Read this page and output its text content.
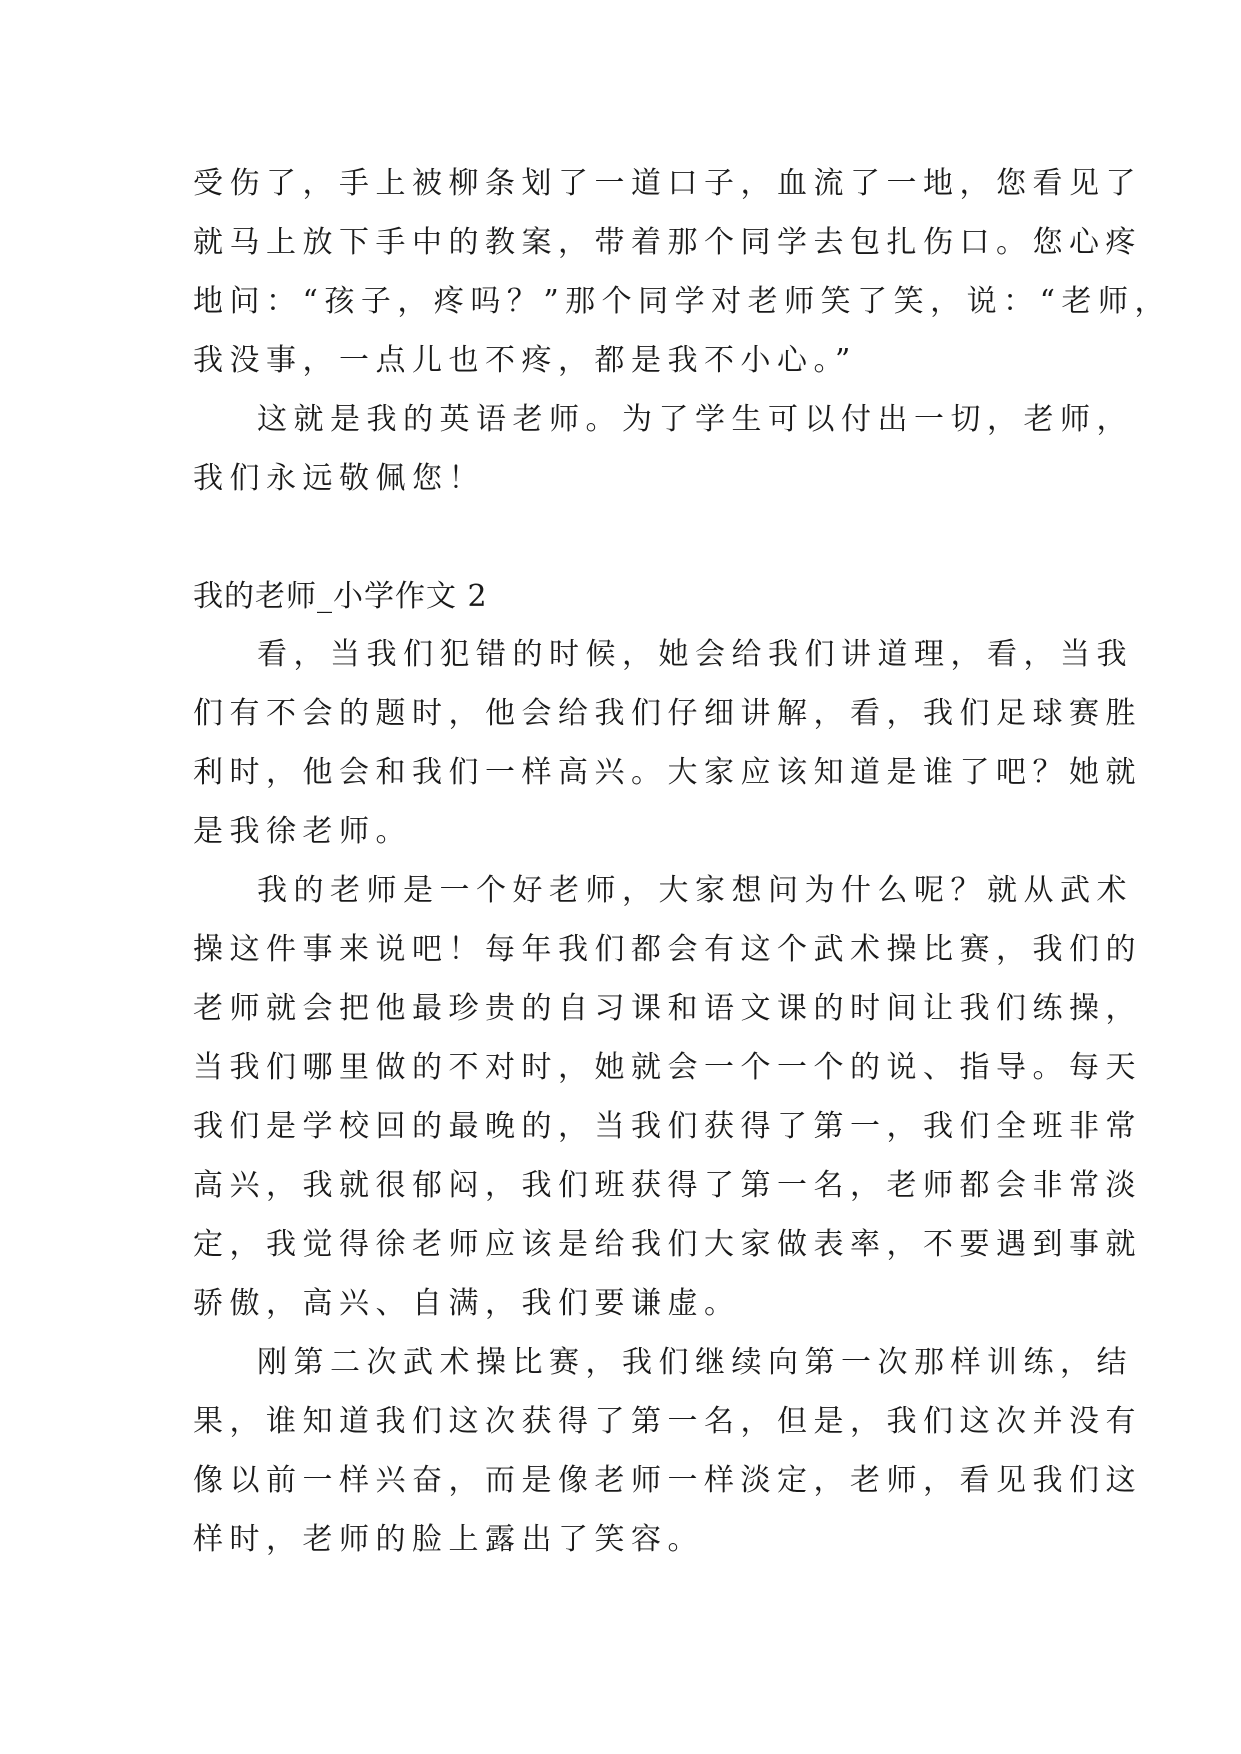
受伤了，手上被柳条划了一道口子，血流了一地，您看见了
就马上放下手中的教案，带着那个同学去包扎伤口。您心疼
地问：“孩子，疼吗？”那个同学对老师笑了笑，说：“老师，
我没事，一点儿也不疼，都是我不小心。”
这就是我的英语老师。为了学生可以付出一切，老师，
我们永远敬佩您！
我的老师_小学作文 2
看，当我们犯错的时候，她会给我们讲道理，看，当我
们有不会的题时，他会给我们仔细讲解，看，我们足球赛胜
利时，他会和我们一样高兴。大家应该知道是谁了吧？她就
是我徐老师。
我的老师是一个好老师，大家想问为什么呢？就从武术
操这件事来说吧！每年我们都会有这个武术操比赛，我们的
老师就会把他最珍贵的自习课和语文课的时间让我们练操，
当我们哪里做的不对时，她就会一个一个的说、指导。每天
我们是学校回的最晚的，当我们获得了第一，我们全班非常
高兴，我就很郁闷，我们班获得了第一名，老师都会非常淡
定，我觉得徐老师应该是给我们大家做表率，不要遇到事就
骄傲，高兴、自满，我们要谦虚。
刚第二次武术操比赛，我们继续向第一次那样训练，结
果，谁知道我们这次获得了第一名，但是，我们这次并没有
像以前一样兴奋，而是像老师一样淡定，老师，看见我们这
样时，老师的脸上露出了笑容。
